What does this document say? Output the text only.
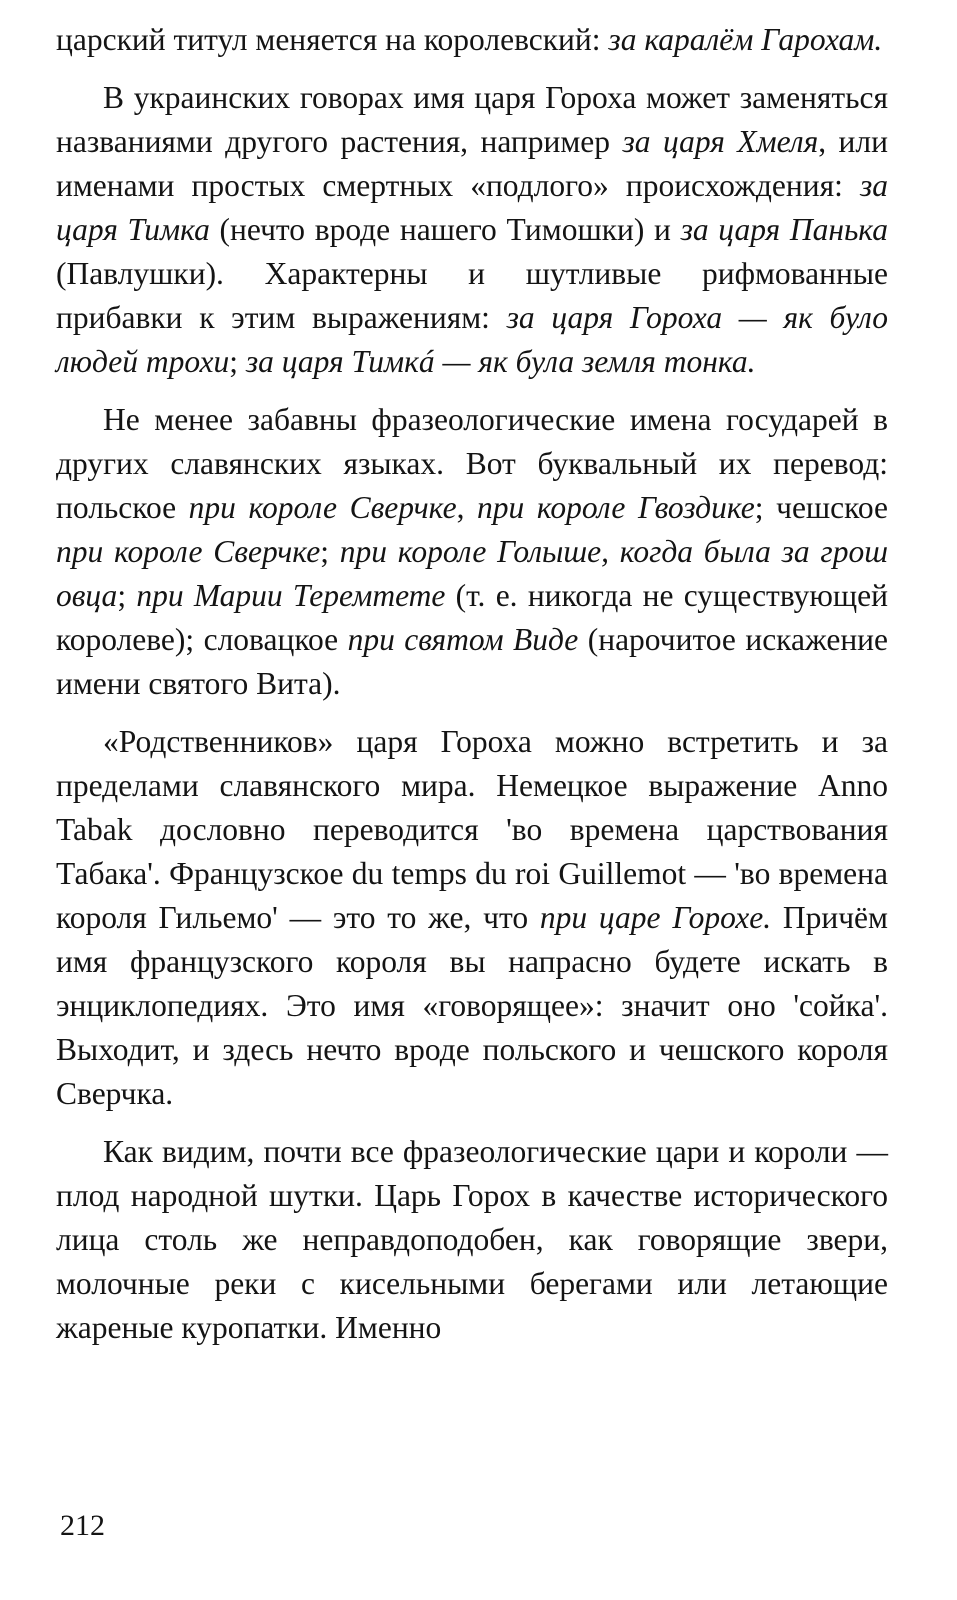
царский титул меняется на королевский: за каралём Гарохам.

В украинских говорах имя царя Гороха может заменяться названиями другого растения, например за царя Хмеля, или именами простых смертных «подлого» происхождения: за царя Тимка (нечто вроде нашего Тимошки) и за царя Панька (Павлушки). Характерны и шутливые рифмованные прибавки к этим выражениям: за царя Гороха — як було людей трохи; за царя Тимкá — як була земля тонка.

Не менее забавны фразеологические имена государей в других славянских языках. Вот буквальный их перевод: польское при короле Сверчке, при короле Гвоздике; чешское при короле Сверчке; при короле Голыше, когда была за грош овца; при Марии Теремтете (т. е. никогда не существующей королеве); словацкое при святом Виде (нарочитое искажение имени святого Вита).

«Родственников» царя Гороха можно встретить и за пределами славянского мира. Немецкое выражение Anno Tabak дословно переводится 'во времена царствования Табака'. Французское du temps du roi Guillemot — 'во времена короля Гильемо' — это то же, что при царе Горохе. Причём имя французского короля вы напрасно будете искать в энциклопедиях. Это имя «говорящее»: значит оно 'сойка'. Выходит, и здесь нечто вроде польского и чешского короля Сверчка.

Как видим, почти все фразеологические цари и короли — плод народной шутки. Царь Горох в качестве исторического лица столь же неправдоподобен, как говорящие звери, молочные реки с кисельными берегами или летающие жареные куропатки. Именно

212
